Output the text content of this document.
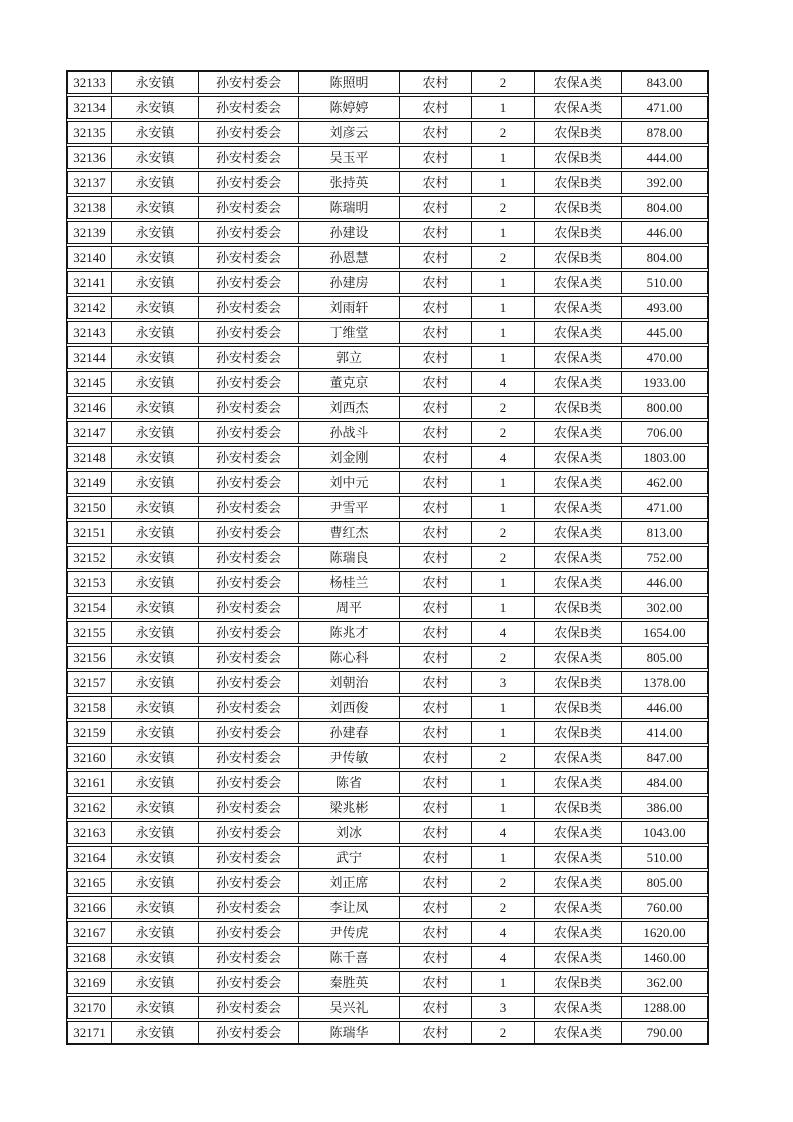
32133	永安镇	孙安村委会	陈照明	农村	2	农保A类	843.00
32134	永安镇	孙安村委会	陈婷婷	农村	1	农保A类	471.00
32135	永安镇	孙安村委会	刘彦云	农村	2	农保B类	878.00
32136	永安镇	孙安村委会	吴玉平	农村	1	农保B类	444.00
32137	永安镇	孙安村委会	张持英	农村	1	农保B类	392.00
32138	永安镇	孙安村委会	陈瑞明	农村	2	农保B类	804.00
32139	永安镇	孙安村委会	孙建设	农村	1	农保B类	446.00
32140	永安镇	孙安村委会	孙恩慧	农村	2	农保B类	804.00
32141	永安镇	孙安村委会	孙建房	农村	1	农保A类	510.00
32142	永安镇	孙安村委会	刘雨轩	农村	1	农保A类	493.00
32143	永安镇	孙安村委会	丁维堂	农村	1	农保A类	445.00
32144	永安镇	孙安村委会	郭立	农村	1	农保A类	470.00
32145	永安镇	孙安村委会	董克京	农村	4	农保A类	1933.00
32146	永安镇	孙安村委会	刘西杰	农村	2	农保B类	800.00
32147	永安镇	孙安村委会	孙战斗	农村	2	农保A类	706.00
32148	永安镇	孙安村委会	刘金刚	农村	4	农保A类	1803.00
32149	永安镇	孙安村委会	刘中元	农村	1	农保A类	462.00
32150	永安镇	孙安村委会	尹雪平	农村	1	农保A类	471.00
32151	永安镇	孙安村委会	曹红杰	农村	2	农保A类	813.00
32152	永安镇	孙安村委会	陈瑞良	农村	2	农保A类	752.00
32153	永安镇	孙安村委会	杨桂兰	农村	1	农保A类	446.00
32154	永安镇	孙安村委会	周平	农村	1	农保B类	302.00
32155	永安镇	孙安村委会	陈兆才	农村	4	农保B类	1654.00
32156	永安镇	孙安村委会	陈心科	农村	2	农保A类	805.00
32157	永安镇	孙安村委会	刘朝治	农村	3	农保B类	1378.00
32158	永安镇	孙安村委会	刘西俊	农村	1	农保B类	446.00
32159	永安镇	孙安村委会	孙建春	农村	1	农保B类	414.00
32160	永安镇	孙安村委会	尹传敏	农村	2	农保A类	847.00
32161	永安镇	孙安村委会	陈省	农村	1	农保A类	484.00
32162	永安镇	孙安村委会	梁兆彬	农村	1	农保B类	386.00
32163	永安镇	孙安村委会	刘冰	农村	4	农保A类	1043.00
32164	永安镇	孙安村委会	武宁	农村	1	农保A类	510.00
32165	永安镇	孙安村委会	刘正席	农村	2	农保A类	805.00
32166	永安镇	孙安村委会	李让凤	农村	2	农保A类	760.00
32167	永安镇	孙安村委会	尹传虎	农村	4	农保A类	1620.00
32168	永安镇	孙安村委会	陈千喜	农村	4	农保A类	1460.00
32169	永安镇	孙安村委会	秦胜英	农村	1	农保B类	362.00
32170	永安镇	孙安村委会	吴兴礼	农村	3	农保A类	1288.00
32171	永安镇	孙安村委会	陈瑞华	农村	2	农保A类	790.00
